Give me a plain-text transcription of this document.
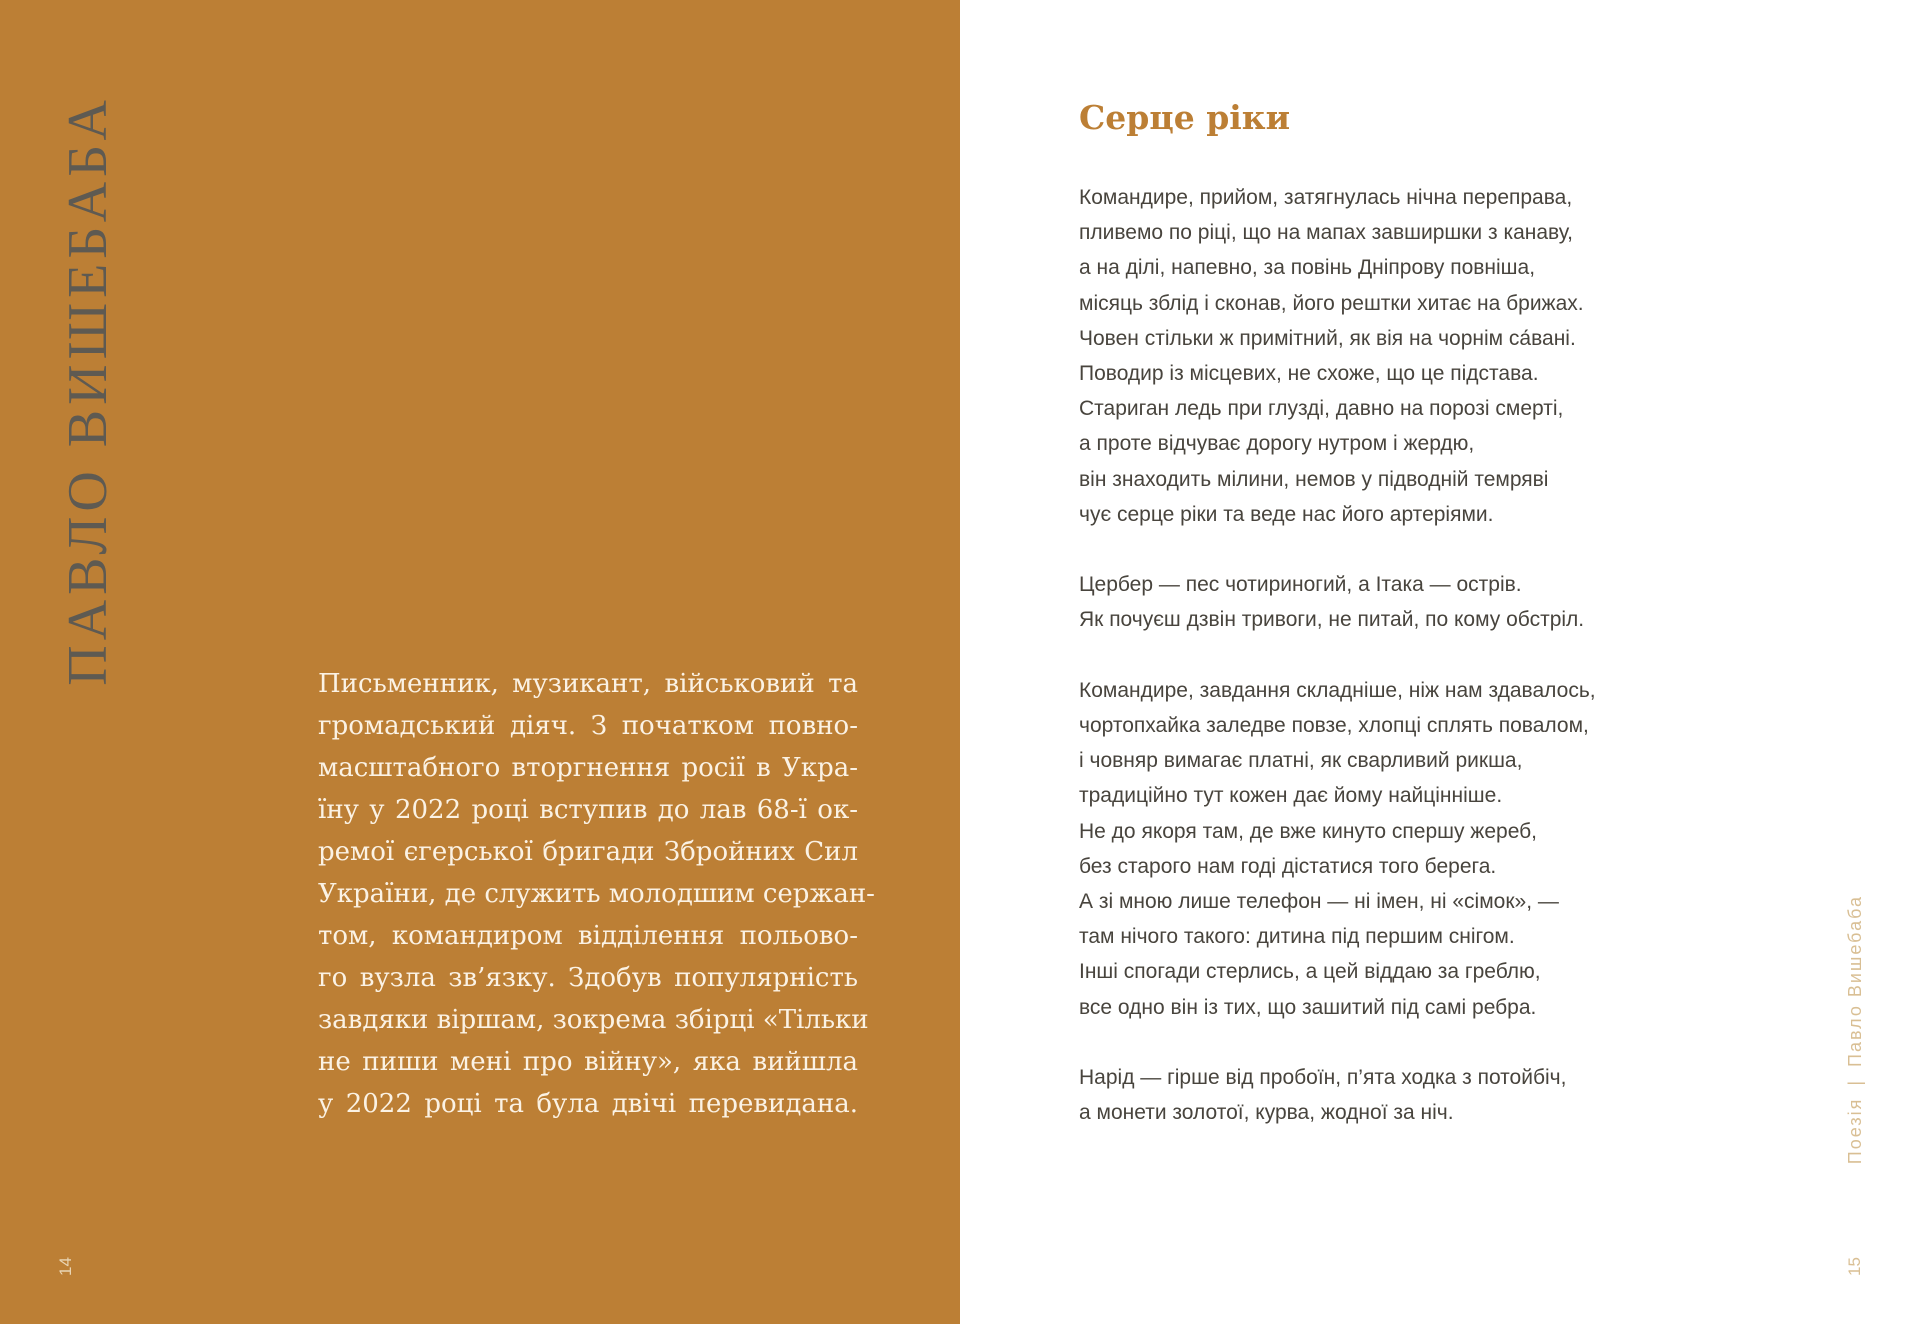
ПАВЛО ВИШЕБАБА	Письменник, музикант, військовий та
громадський діяч. З початком повно-
масштабного вторгнення росії в Укра-
їну у 2022 році вступив до лав 68-ї ок-
ремої єгерської бригади Збройних Сил
України, де служить молодшим сержан-
том, командиром відділення польово-
го вузла зв’язку. Здобув популярність
завдяки віршам, зокрема збірці «Тільки
не пиши мені про війну», яка вийшла
у 2022 році та була двічі перевидана.
14
Серце ріки
Командире, прийом, затягнулась нічна переправа,
пливемо по ріці, що на мапах завширшки з канаву,
а на ділі, напевно, за повінь Дніпрову повніша,
місяць зблід і сконав, його рештки хитає на брижах.
Човен стільки ж примітний, як вія на чорнім са́вані.
Поводир із місцевих, не схоже, що це підстава.
Стариган ледь при глузді, давно на порозі смерті,
а проте відчуває дорогу нутром і жердю,
він знаходить мілини, немов у підводній темряві
чує серце ріки та веде нас його артеріями.
Цербер — пес чотириногий, а Ітака — острів.
Як почуєш дзвін тривоги, не питай, по кому обстріл.
Командире, завдання складніше, ніж нам здавалось,
чортопхайка заледве повзе, хлопці сплять повалом,
і човняр вимагає платні, як сварливий рикша,
традиційно тут кожен дає йому найцінніше.
Не до якоря там, де вже кинуто спершу жереб,
без старого нам годі дістатися того берега.
А зі мною лише телефон — ні імен, ні «сімок», —
там нічого такого: дитина під першим снігом.
Інші спогади стерлись, а цей віддаю за греблю,
все одно він із тих, що зашитий під самі ребра.
Нарід — гірше від пробоїн, п’ята ходка з потойбіч,
а монети золотої, курва, жодної за ніч.	Поезія|Павло Вишебаба
15
